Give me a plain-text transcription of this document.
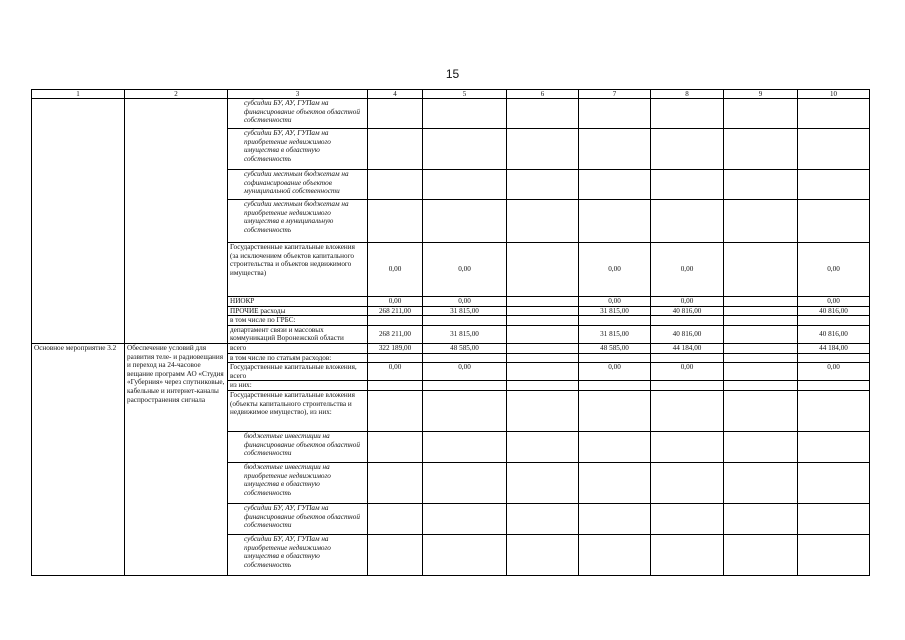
15
1	2	3	4	5	6	7	8	9	10
		субсидии БУ, АУ, ГУПам на финансирование объектов областной собственности							
		субсидии БУ, АУ, ГУПам на приобретение недвижимого имущества в областную собственность							
		субсидии местным бюджетам на софинансирование объектов муниципальной собственности							
		субсидии местным бюджетам на приобретение недвижимого имущества в муниципальную собственность							
		Государственные капитальные вложения (за исключением объектов капитального строительства и объектов недвижимого имущества)	0,00	0,00		0,00	0,00		0,00
		НИОКР	0,00	0,00		0,00	0,00		0,00
		ПРОЧИЕ расходы	268 211,00	31 815,00		31 815,00	40 816,00		40 816,00
		в том числе по ГРБС:							
		департамент связи и массовых коммуникаций Воронежской области	268 211,00	31 815,00		31 815,00	40 816,00		40 816,00
Основное мероприятие 3.2	Обеспечение условий для развития теле- и радиовещания и переход на 24-часовое вещание программ АО «Студия «Губерния» через спутниковые, кабельные и интернет-каналы распространения сигнала	всего	322 189,00	48 585,00		48 585,00	44 184,00		44 184,00
		в том числе по статьям расходов:							
		Государственные капитальные вложения, всего	0,00	0,00		0,00	0,00		0,00
		из них:							
		Государственные капитальные вложения (объекты капитального строительства и недвижимое имущество), из них:							
		бюджетные инвестиции на финансирование объектов областной собственности							
		бюджетные инвестиции на приобретение недвижимого имущества в областную собственность							
		субсидии БУ, АУ, ГУПам на финансирование объектов областной собственности							
		субсидии БУ, АУ, ГУПам на приобретение недвижимого имущества в областную собственность							
